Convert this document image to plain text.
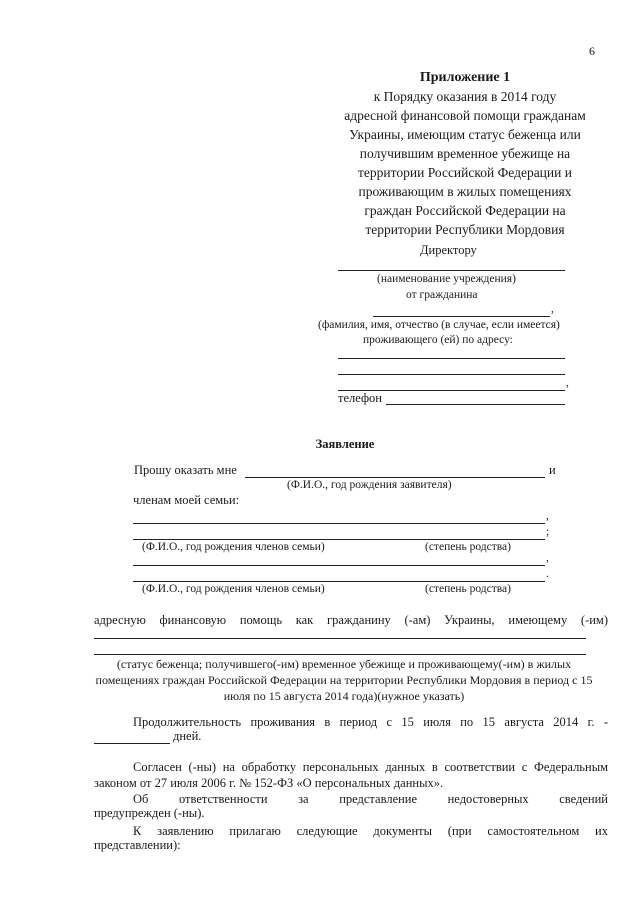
6
Приложение 1
к Порядку оказания в 2014 году
адресной финансовой помощи гражданам
Украины, имеющим статус беженца или
получившим временное убежище на
территории Российской Федерации и
проживающим в жилых помещениях
граждан Российской Федерации на
территории Республики Мордовия
Директору
(наименование учреждения)
от гражданина
,
(фамилия, имя, отчество (в случае, если имеется)
проживающего (ей) по адресу:
,
телефон
Заявление
Прошу оказать мне	и
(Ф.И.О., год рождения заявителя)
членам моей семьи:
,
;
(Ф.И.О., год рождения членов семьи)	(степень родства)
,
.
(Ф.И.О., год рождения членов семьи)	(степень родства)
адресную финансовую помощь как гражданину (-ам) Украины, имеющему (-им)
(статус беженца; получившего(-им) временное убежище и проживающему(-им) в жилых помещениях граждан Российской Федерации на территории Республики Мордовия в период с 15 июля по 15 августа 2014 года)(нужное указать)
Продолжительность проживания в период с 15 июля по 15 августа 2014 г. -
дней.
Согласен (-ны) на обработку персональных данных в соответствии с Федеральным законом от 27 июля 2006 г. № 152-ФЗ «О персональных данных».
Об ответственности за представление недостоверных сведений
предупрежден (-ны).
К заявлению прилагаю следующие документы (при самостоятельном их
представлении):
